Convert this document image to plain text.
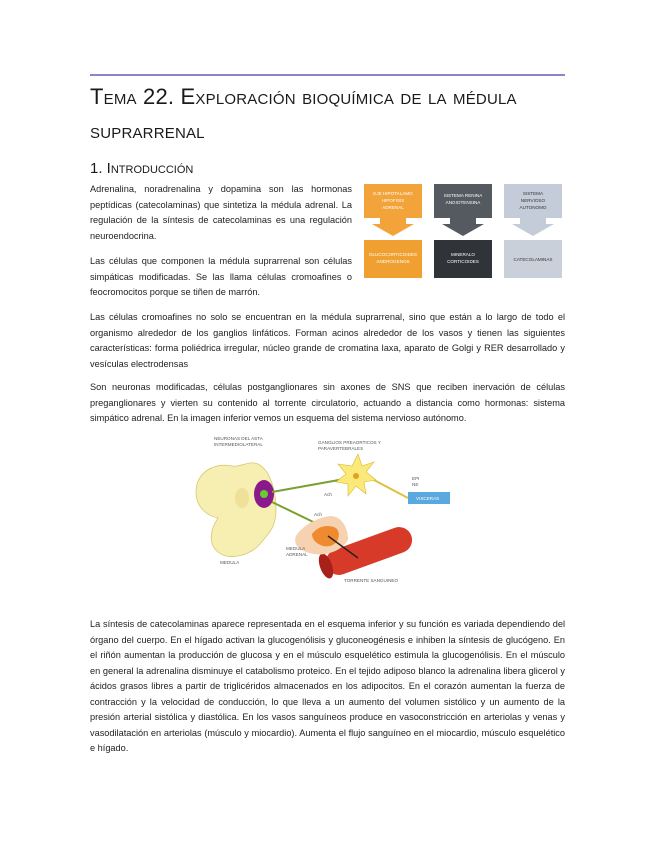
Tema 22. Exploración bioquímica de la médula suprarrenal
1. Introducción

Adrenalina, noradrenalina y dopamina son las hormonas peptídicas (catecolaminas) que sintetiza la médula adrenal. La regulación de la síntesis de catecolaminas es una regulación neuroendocrina.

Las células que componen la médula suprarrenal son células simpáticas modificadas. Se las llama células cromoafines o feocromocitos porque se tiñen de marrón.

EJE HIPOTALAMO
HIPOFISIS
ADRENAL
SISTEMA RENINA
ANGIOTENSINA
SISTEMA
NERVIOSO
AUTONOMO
GLUCOCORTICOIDES
ANDROGENOS
MINERALO
CORTICOIDES	CATECOLAMINAS

Las células cromoafines no solo se encuentran en la médula suprarrenal, sino que están a lo largo de todo el organismo alrededor de los ganglios linfáticos. Forman acinos alrededor de los vasos y tienen las siguientes características: forma poliédrica irregular, núcleo grande de cromatina laxa, aparato de Golgi y RER desarrollado y vesículas electrodensas

Son neuronas modificadas, células postganglionares sin axones de SNS que reciben inervación de células preganglionares y vierten su contenido al torrente circulatorio, actuando a distancia como hormonas: sistema simpático adrenal. En la imagen inferior vemos un esquema del sistema nervioso autónomo.

NEURONAS DEL ASTA
INTERMEDIOLATERAL	GANGLIOS PREAORTICOS Y
PARAVERTEBRALES
Ach
Ach
EPI
NE
VISCERAS
MEDULA
MEDULA
ADRENAL
TORRENTE SANGUINEO

La síntesis de catecolaminas aparece representada en el esquema inferior y su función es variada dependiendo del órgano del cuerpo. En el hígado activan la glucogenólisis y gluconeogénesis e inhiben la síntesis de glucógeno. En el riñón aumentan la producción de glucosa y en el músculo esquelético estimula la glucogenólisis. En el músculo en general la adrenalina disminuye el catabolismo proteico. En el tejido adiposo blanco la adrenalina libera glicerol y ácidos grasos libres a partir de triglicéridos almacenados en los adipocitos. En el corazón aumentan la fuerza de contracción y la velocidad de conducción, lo que lleva a un aumento del volumen sistólico y un aumento de la presión arterial sistólica y diastólica. En los vasos sanguíneos produce en vasoconstricción en arteriolas y venas y vasodilatación en arteriolas (músculo y miocardio). Aumenta el flujo sanguíneo en el miocardio, músculo esquelético e hígado.
